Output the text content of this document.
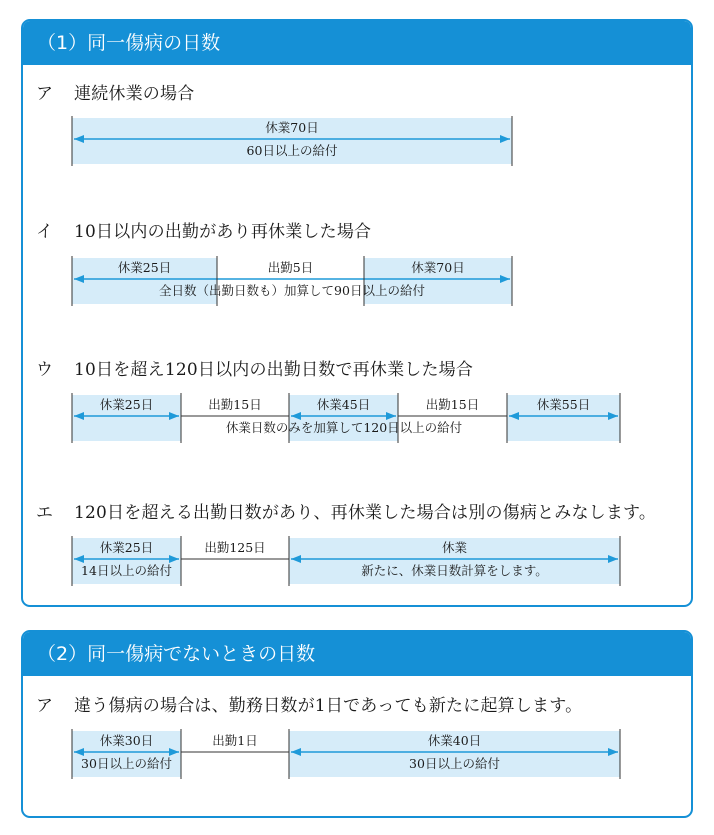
（1）同一傷病の日数
ア 連続休業の場合
休業70日
60日以上の給付
イ 10日以内の出勤があり再休業した場合
休業25日	出勤5日	休業70日
全日数（出勤日数も）加算して90日以上の給付
ウ 10日を超え120日以内の出勤日数で再休業した場合
休業25日	出勤15日	休業45日	出勤15日	休業55日
休業日数のみを加算して120日以上の給付
エ 120日を超える出勤日数があり、再休業した場合は別の傷病とみなします。
休業25日	出勤125日	休業
14日以上の給付	新たに、休業日数計算をします。
（2）同一傷病でないときの日数
ア 違う傷病の場合は、勤務日数が1日であっても新たに起算します。
休業30日	出勤1日	休業40日
30日以上の給付	30日以上の給付
